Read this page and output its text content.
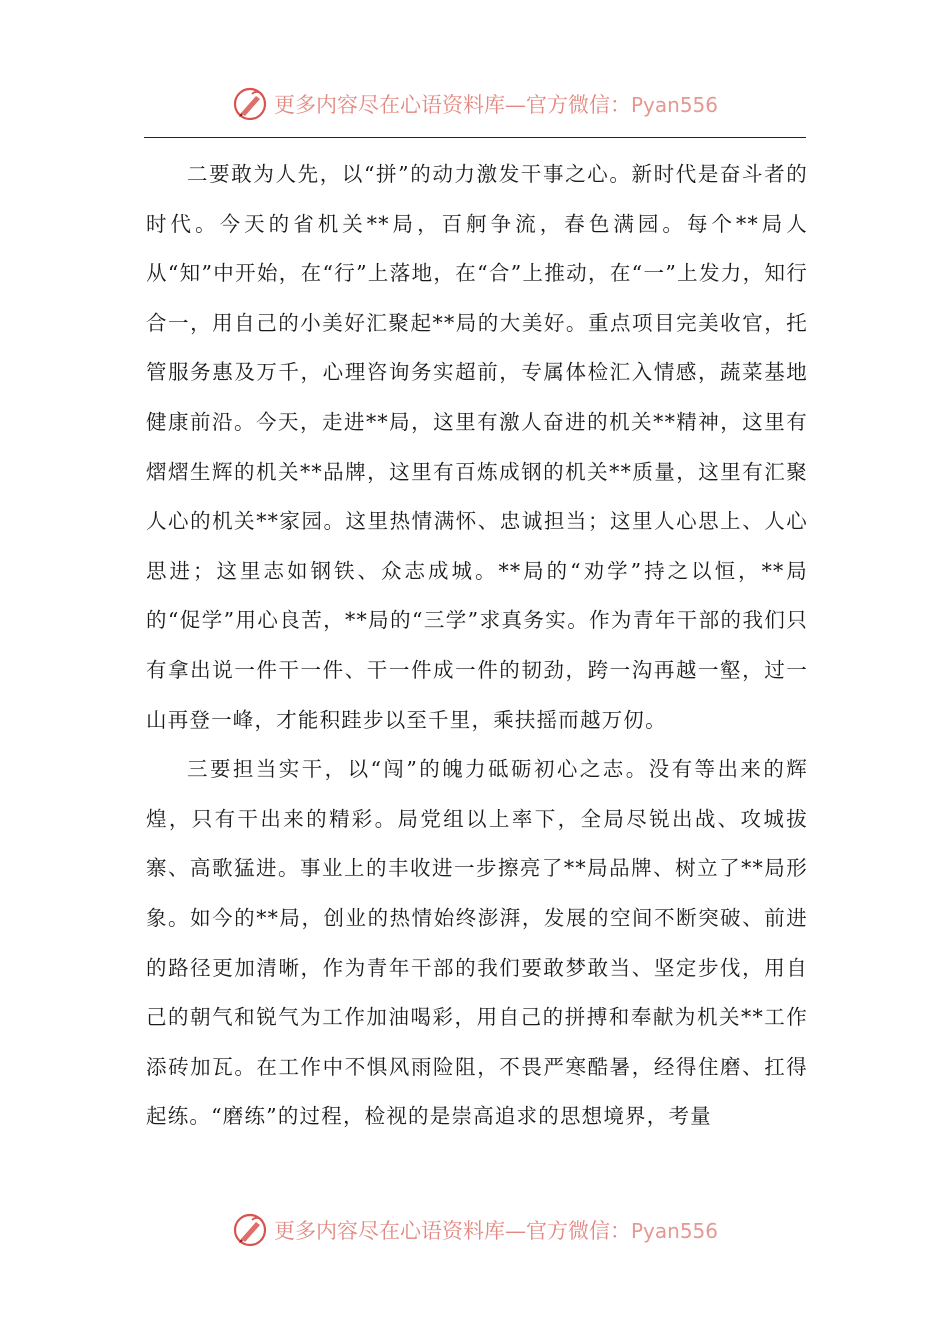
更多内容尽在心语资料库—官方微信：Pyan556

二要敢为人先，以“拼”的动力激发干事之心。新时代是奋斗者的时代。今天的省机关**局，百舸争流，春色满园。每个**局人从“知”中开始，在“行”上落地，在“合”上推动，在“一”上发力，知行合一，用自己的小美好汇聚起**局的大美好。重点项目完美收官，托管服务惠及万千，心理咨询务实超前，专属体检汇入情感，蔬菜基地健康前沿。今天，走进**局，这里有激人奋进的机关**精神，这里有熠熠生辉的机关**品牌，这里有百炼成钢的机关**质量，这里有汇聚人心的机关**家园。这里热情满怀、忠诚担当；这里人心思上、人心思进；这里志如钢铁、众志成城。**局的“劝学”持之以恒，**局的“促学”用心良苦，**局的“三学”求真务实。作为青年干部的我们只有拿出说一件干一件、干一件成一件的韧劲，跨一沟再越一壑，过一山再登一峰，才能积跬步以至千里，乘扶摇而越万仞。

三要担当实干，以“闯”的魄力砥砺初心之志。没有等出来的辉煌，只有干出来的精彩。局党组以上率下，全局尽锐出战、攻城拔寨、高歌猛进。事业上的丰收进一步擦亮了**局品牌、树立了**局形象。如今的**局，创业的热情始终澎湃，发展的空间不断突破、前进的路径更加清晰，作为青年干部的我们要敢梦敢当、坚定步伐，用自己的朝气和锐气为工作加油喝彩，用自己的拼搏和奉献为机关**工作添砖加瓦。在工作中不惧风雨险阻，不畏严寒酷暑，经得住磨、扛得起练。“磨练”的过程，检视的是崇高追求的思想境界，考量

更多内容尽在心语资料库—官方微信：Pyan556
